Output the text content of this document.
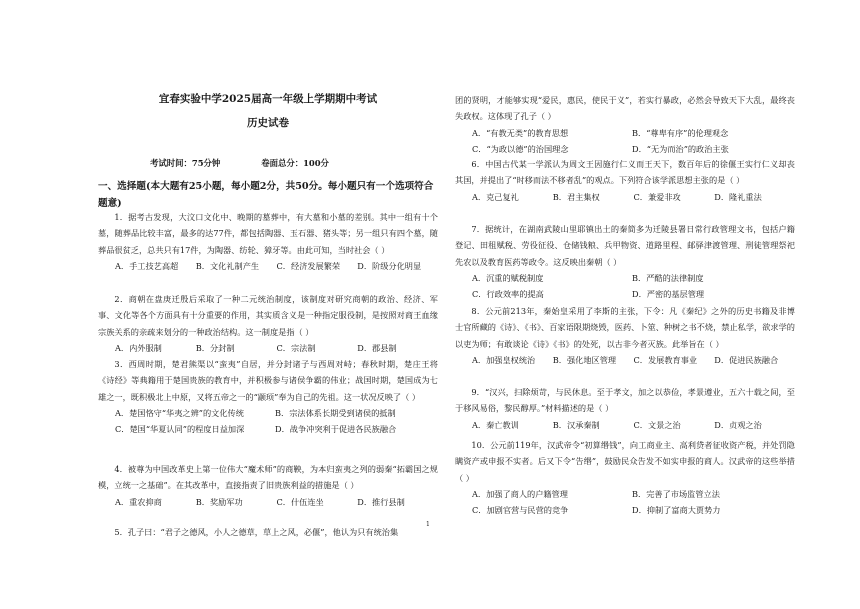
宜春实验中学2025届高一年级上学期期中考试
历史试卷
考试时间：75分钟	卷面总分：100分
一、选择题(本大题有25小题，每小题2分，共50分。每小题只有一个选项符合题意)

1．据考古发现，大汶口文化中、晚期的墓葬中，有大墓和小墓的差别。其中一组有十个墓，随葬品比较丰富，最多的达77件，都包括陶器、玉石器、猪头等；另一组只有四个墓，随葬品很贫乏，总共只有17件，为陶器、纺轮、獐牙等。由此可知，当时社会（ ）

A．手工技艺高超	B．文化礼制产生	C．经济发展繁荣	D．阶级分化明显

2．商朝在盘庚迁殷后采取了一种二元统治制度，该制度对研究商朝的政治、经济、军事、文化等各个方面具有十分重要的作用，其实质含义是一种指定服役制，是按照对商王血缘宗族关系的亲疏来划分的一种政治结构。这一制度是指（ ）

A．内外服制	B．分封制	C．宗法制	D．郡县制

3．西周时期，楚君熊渠以“蛮夷”自居，并分封诸子与西周对峙；春秋时期，楚庄王将《诗经》等典籍用于楚国贵族的教育中，并积极参与诸侯争霸的伟业；战国时期，楚国成为七雄之一，既积极北上中原，又将五帝之一的“颛顼”奉为自己的先祖。这一状况反映了（ ）

A．楚国恪守“华夷之辨”的文化传统	B．宗法体系长期受到诸侯的抵制
C．楚国“华夏认同”的程度日益加深	D．战争冲突利于促进各民族融合

4．被尊为中国改革史上第一位伟大“魔术师”的商鞅，为本归蛮夷之列的弱秦“拓霸国之规模，立统一之基础”。在其改革中，直接指责了旧贵族利益的措施是（ ）

A．重农抑商	B．奖励军功	C．什伍连坐	D．推行县制

5．孔子曰：“君子之德风，小人之德草，草上之风，必偃”，他认为只有统治集

团的贤明，才能够实现“爱民，惠民，使民于义”，若实行暴政，必然会导致天下大乱，最终丧失政权。这体现了孔子（ ）

A．“有教无类”的教育思想	B．“尊卑有序”的伦理观念
C．“为政以德”的治国理念	D．“无为而治”的政治主张

6．中国古代某一学派认为周文王因施行仁义而王天下，数百年后的徐偃王实行仁义却丧其国，并提出了“时移而法不移者乱”的观点。下列符合该学派思想主张的是（ ）

A．克己复礼	B．君主集权	C．兼爱非攻	D．隆礼重法

7．据统计，在湖南武陵山里耶镇出土的秦简多为迁陵县署日常行政管理文书，包括户籍登记、田租赋税、劳役征役、仓储钱粮、兵甲物资、道路里程、邮驿津渡管理、刑徒管理祭祀先农以及教育医药等政令。这反映出秦朝（ ）

A．沉重的赋税制度	B．严酷的法律制度
C．行政效率的提高	D．严密的基层管理

8．公元前213年，秦始皇采用了李斯的主张，下令：凡《秦纪》之外的历史书籍及非博士官所藏的《诗》、《书》、百家语限期烧毁，医药、卜筮、种树之书不烧，禁止私学，欲求学的以吏为师；有敢谈论《诗》《书》的处死，以古非今者灭族。此举旨在（ ）

A．加强皇权统治	B．强化地区管理	C．发展教育事业	D．促进民族融合

9．“汉兴，扫除烦苛，与民休息。至于孝文，加之以恭俭，孝景遵业，五六十载之间，至于移风易俗，黎民醇厚。”材料描述的是（ ）

A．秦亡教训	B．汉承秦制	C．文景之治	D．贞观之治

10．公元前119年，汉武帝令“初算缗钱”，向工商业主、高利贷者征收资产税，并处罚隐瞒资产或申报不实者。后又下令“告缗”，鼓励民众告发不如实申报的商人。汉武帝的这些举措（ ）

A．加强了商人的户籍管理	B．完善了市场监管立法
C．加剧官营与民营的竞争	D．抑制了富商大贾势力
1
